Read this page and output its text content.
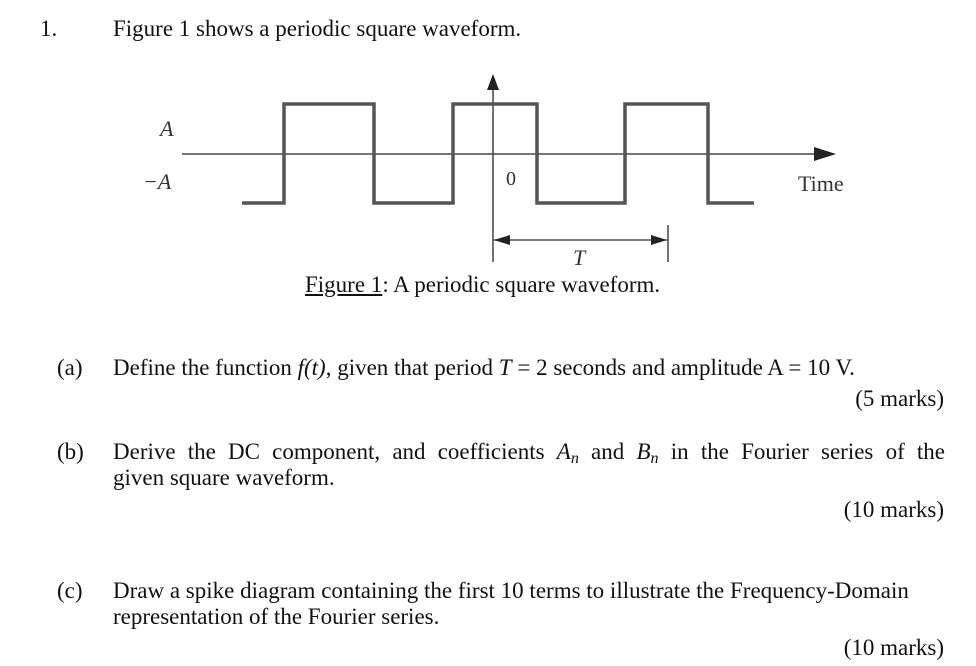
1. Figure 1 shows a periodic square waveform.
A
−A	0	Time
T
Figure 1: A periodic square waveform.
(a) Define the function f(t), given that period T = 2 seconds and amplitude A = 10 V.
(5 marks)
(b) Derive the DC component, and coefficients $A_n$ and $B_n$ in the Fourier series of the
given square waveform.
(10 marks)
(c) Draw a spike diagram containing the first 10 terms to illustrate the Frequency-Domain
representation of the Fourier series.
(10 marks)
